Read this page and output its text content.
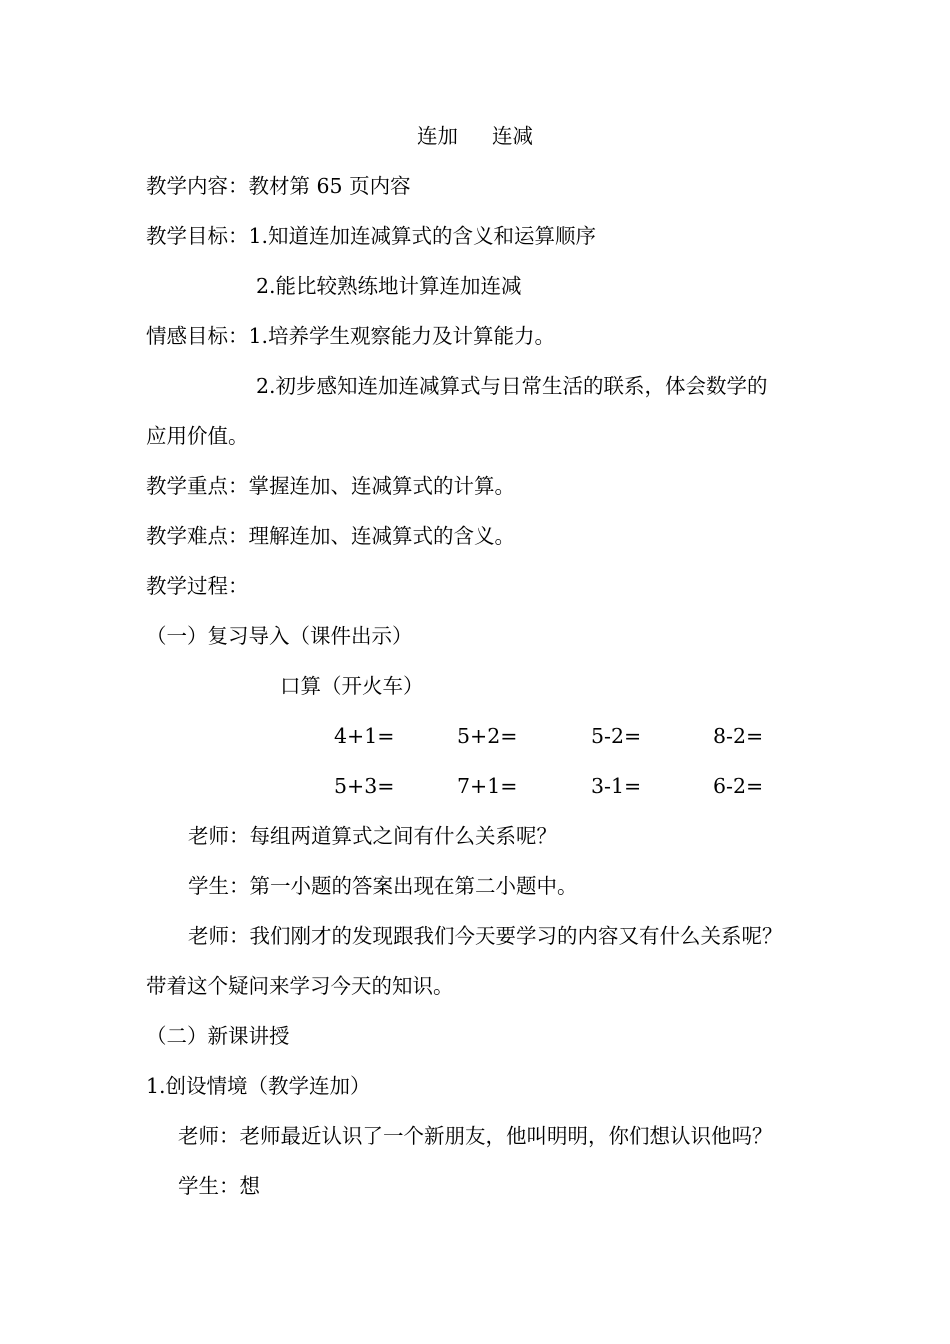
连加 连减
教学内容：教材第 65 页内容
教学目标：1.知道连加连减算式的含义和运算顺序
2.能比较熟练地计算连加连减
情感目标：1.培养学生观察能力及计算能力。
2.初步感知连加连减算式与日常生活的联系，体会数学的
应用价值。
教学重点：掌握连加、连减算式的计算。
教学难点：理解连加、连减算式的含义。
教学过程：
（一）复习导入（课件出示）
口算（开火车）
4+1=	5+2=	5-2=	8-2=
5+3=	7+1=	3-1=	6-2=
老师：每组两道算式之间有什么关系呢？
学生：第一小题的答案出现在第二小题中。
老师：我们刚才的发现跟我们今天要学习的内容又有什么关系呢？
带着这个疑问来学习今天的知识。
（二）新课讲授
1.创设情境（教学连加）
老师：老师最近认识了一个新朋友，他叫明明，你们想认识他吗？
学生：想
